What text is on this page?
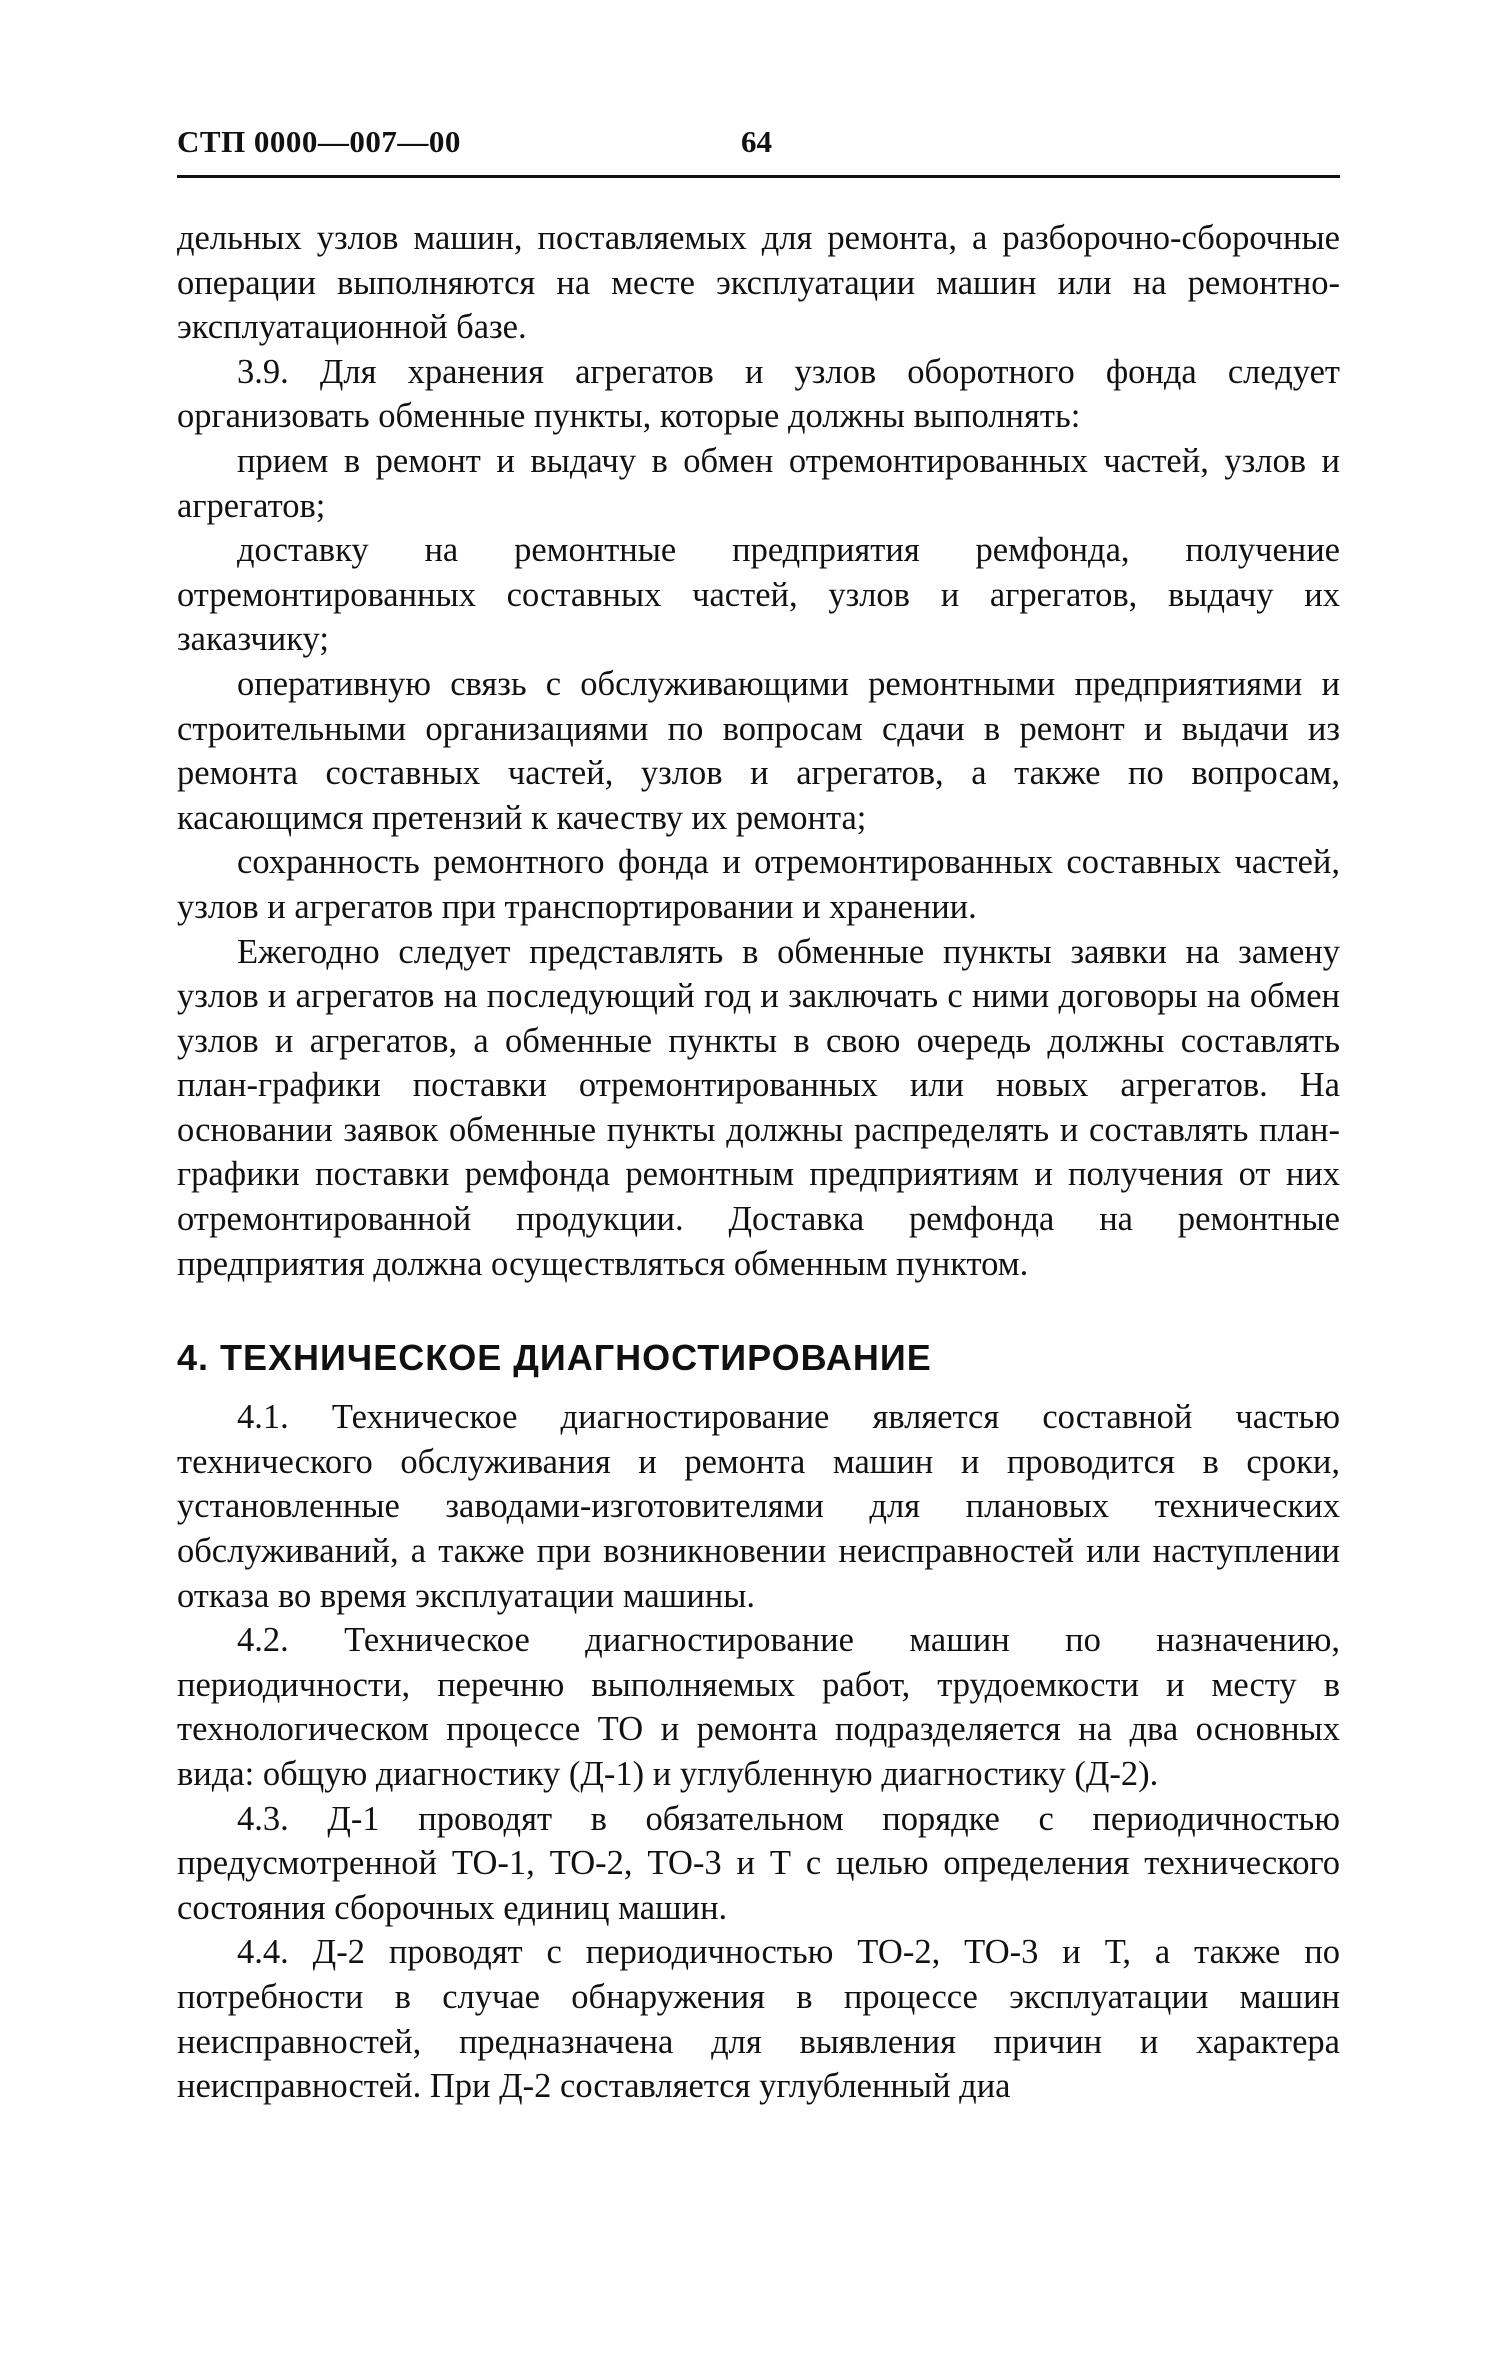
СТП 0000—007—00	64

дельных узлов машин, поставляемых для ремонта, а разборочно-сборочные операции выполняются на месте эксплуатации машин или на ремонтно-эксплуатационной базе.

3.9. Для хранения агрегатов и узлов оборотного фонда следует организовать обменные пункты, которые должны выполнять:

прием в ремонт и выдачу в обмен отремонтированных частей, узлов и агрегатов;

доставку на ремонтные предприятия ремфонда, получение отремонтированных составных частей, узлов и агрегатов, выдачу их заказчику;

оперативную связь с обслуживающими ремонтными предприятиями и строительными организациями по вопросам сдачи в ремонт и выдачи из ремонта составных частей, узлов и агрегатов, а также по вопросам, касающимся претензий к качеству их ремонта;

сохранность ремонтного фонда и отремонтированных составных частей, узлов и агрегатов при транспортировании и хранении.

Ежегодно следует представлять в обменные пункты заявки на замену узлов и агрегатов на последующий год и заключать с ними договоры на обмен узлов и агрегатов, а обменные пункты в свою очередь должны составлять план-графики поставки отремонтированных или новых агрегатов. На основании заявок обменные пункты должны распределять и составлять план-графики поставки ремфонда ремонтным предприятиям и получения от них отремонтированной продукции. Доставка ремфонда на ремонтные предприятия должна осуществляться обменным пунктом.

4. ТЕХНИЧЕСКОЕ ДИАГНОСТИРОВАНИЕ

4.1. Техническое диагностирование является составной частью технического обслуживания и ремонта машин и проводится в сроки, установленные заводами-изготовителями для плановых технических обслуживаний, а также при возникновении неисправностей или наступлении отказа во время эксплуатации машины.

4.2. Техническое диагностирование машин по назначению, периодичности, перечню выполняемых работ, трудоемкости и месту в технологическом процессе ТО и ремонта подразделяется на два основных вида: общую диагностику (Д-1) и углубленную диагностику (Д-2).

4.3. Д-1 проводят в обязательном порядке с периодичностью предусмотренной ТО-1, ТО-2, ТО-3 и Т с целью определения технического состояния сборочных единиц машин.

4.4. Д-2 проводят с периодичностью ТО-2, ТО-3 и Т, а также по потребности в случае обнаружения в процессе эксплуатации машин неисправностей, предназначена для выявления причин и характера неисправностей. При Д-2 составляется углубленный диа
